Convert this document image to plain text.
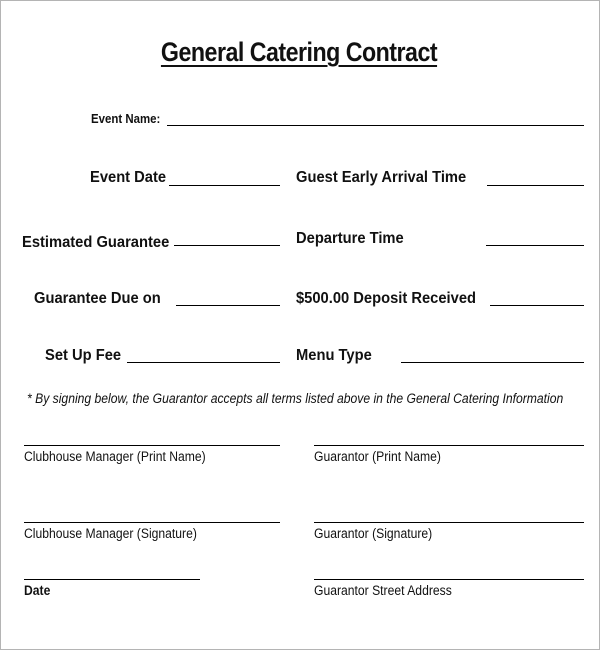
General Catering Contract
Event Name:
Event Date	Guest Early Arrival Time
Estimated Guarantee	Departure Time
Guarantee Due on	$500.00 Deposit Received
Set Up Fee	Menu Type
* By signing below, the Guarantor accepts all terms listed above in the General Catering Information
Clubhouse Manager (Print Name)	Guarantor (Print Name)
Clubhouse Manager (Signature)	Guarantor (Signature)
Date	Guarantor Street Address
